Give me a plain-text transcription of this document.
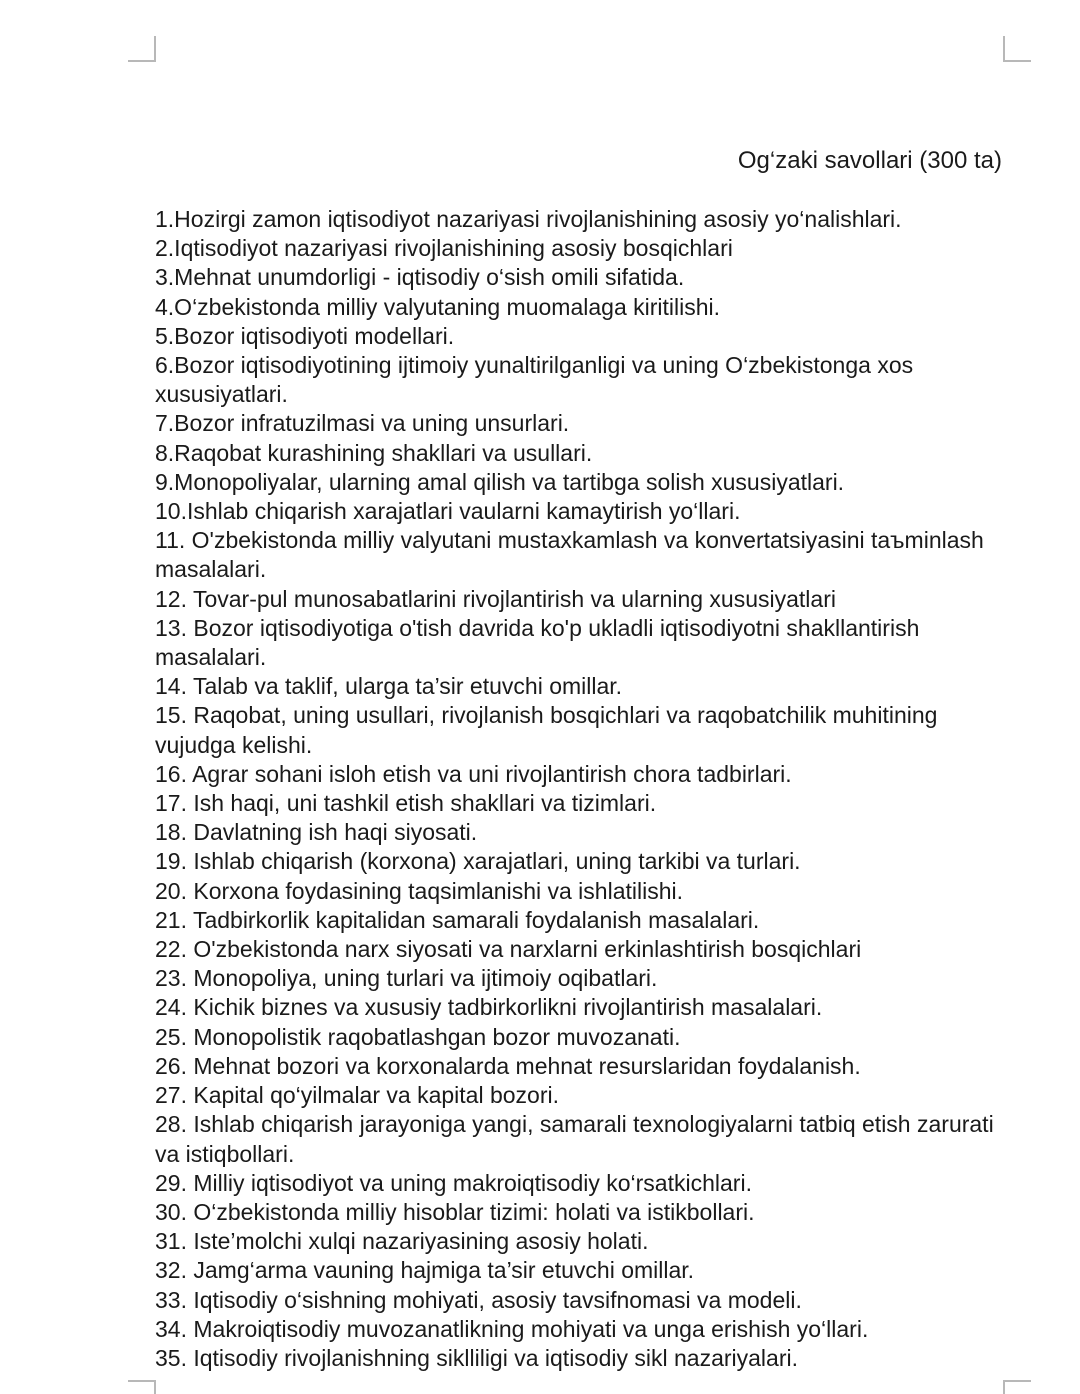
Og‘zaki savollari (300 ta)
1.Hozirgi zamon iqtisodiyot nazariyasi rivojlanishining asosiy yo‘nalishlari.
2.Iqtisodiyot nazariyasi rivojlanishining asosiy bosqichlari
3.Mehnat unumdorligi - iqtisodiy o‘sish omili sifatida.
4.O‘zbekistonda milliy valyutaning muomalaga kiritilishi.
5.Bozor iqtisodiyoti modellari.
6.Bozor iqtisodiyotining ijtimoiy yunaltirilganligi va uning O‘zbekistonga xos xususiyatlari.
7.Bozor infratuzilmasi va uning unsurlari.
8.Raqobat kurashining shakllari va usullari.
9.Monopoliyalar, ularning amal qilish va tartibga solish xususiyatlari.
10.Ishlab chiqarish xarajatlari vaularni kamaytirish yo‘llari.
11. O'zbekistonda milliy valyutani mustaxkamlash va konvertatsiyasini taъminlash masalalari.
12. Tovar-pul munosabatlarini rivojlantirish va ularning xususiyatlari
13. Bozor iqtisodiyotiga o'tish davrida ko'p ukladli iqtisodiyotni shakllantirish masalalari.
14. Talab va taklif, ularga ta’sir etuvchi omillar.
15. Raqobat, uning usullari, rivojlanish bosqichlari va raqobatchilik muhitining vujudga kelishi.
16. Agrar sohani isloh etish va uni rivojlantirish chora tadbirlari.
17. Ish haqi, uni tashkil etish shakllari va tizimlari.
18. Davlatning ish haqi siyosati.
19. Ishlab chiqarish (korxona) xarajatlari, uning tarkibi va turlari.
20. Korxona foydasining taqsimlanishi va ishlatilishi.
21. Tadbirkorlik kapitalidan samarali foydalanish masalalari.
22. O'zbekistonda narx siyosati va narxlarni erkinlashtirish bosqichlari
23. Monopoliya, uning turlari va ijtimoiy oqibatlari.
24. Kichik biznes va xususiy tadbirkorlikni rivojlantirish masalalari.
25. Monopolistik raqobatlashgan bozor muvozanati.
26. Mehnat bozori va korxonalarda mehnat resurslaridan foydalanish.
27. Kapital qo‘yilmalar va kapital bozori.
28. Ishlab chiqarish jarayoniga yangi, samarali texnologiyalarni tatbiq etish zarurati va istiqbollari.
29. Milliy iqtisodiyot va uning makroiqtisodiy ko‘rsatkichlari.
30. O‘zbekistonda milliy hisoblar tizimi: holati va istikbollari.
31. Iste’molchi xulqi nazariyasining asosiy holati.
32. Jamg‘arma vauning hajmiga ta’sir etuvchi omillar.
33. Iqtisodiy o‘sishning mohiyati, asosiy tavsifnomasi va modeli.
34. Makroiqtisodiy muvozanatlikning mohiyati va unga erishish yo‘llari.
35. Iqtisodiy rivojlanishning siklliligi va iqtisodiy sikl nazariyalari.
